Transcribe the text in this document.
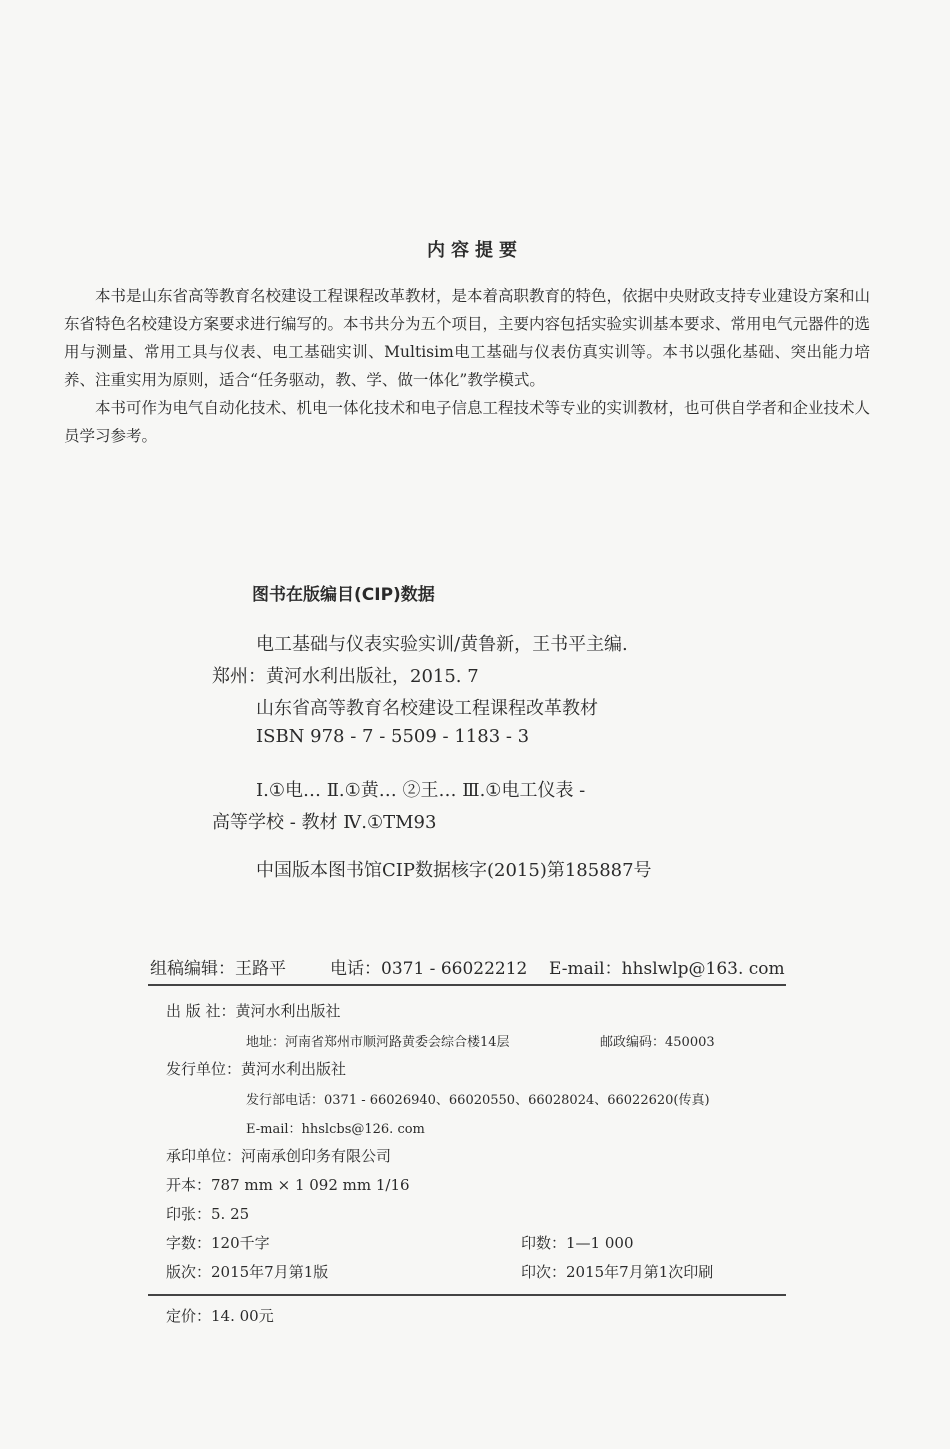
内容提要

本书是山东省高等教育名校建设工程课程改革教材，是本着高职教育的特色，依据中央财政支持专业建设方案和山东省特色名校建设方案要求进行编写的。本书共分为五个项目，主要内容包括实验实训基本要求、常用电气元器件的选用与测量、常用工具与仪表、电工基础实训、Multisim电工基础与仪表仿真实训等。本书以强化基础、突出能力培养、注重实用为原则，适合“任务驱动，教、学、做一体化”教学模式。

本书可作为电气自动化技术、机电一体化技术和电子信息工程技术等专业的实训教材，也可供自学者和企业技术人员学习参考。

图书在版编目(CIP)数据
电工基础与仪表实验实训/黄鲁新，王书平主编.
郑州：黄河水利出版社，2015. 7
山东省高等教育名校建设工程课程改革教材
ISBN 978 - 7 - 5509 - 1183 - 3
Ⅰ.①电… Ⅱ.①黄… ②王… Ⅲ.①电工仪表 -
高等学校 - 教材 Ⅳ.①TM93
中国版本图书馆CIP数据核字(2015)第185887号
组稿编辑：王路平	电话：0371 - 66022212 E-mail：hhslwlp@163. com
出 版 社：黄河水利出版社
地址：河南省郑州市顺河路黄委会综合楼14层	邮政编码：450003
发行单位：黄河水利出版社
发行部电话：0371 - 66026940、66020550、66028024、66022620(传真)
E-mail：hhslcbs@126. com
承印单位：河南承创印务有限公司
开本：787 mm × 1 092 mm 1/16
印张：5. 25
字数：120千字	印数：1—1 000
版次：2015年7月第1版	印次：2015年7月第1次印刷
定价：14. 00元
